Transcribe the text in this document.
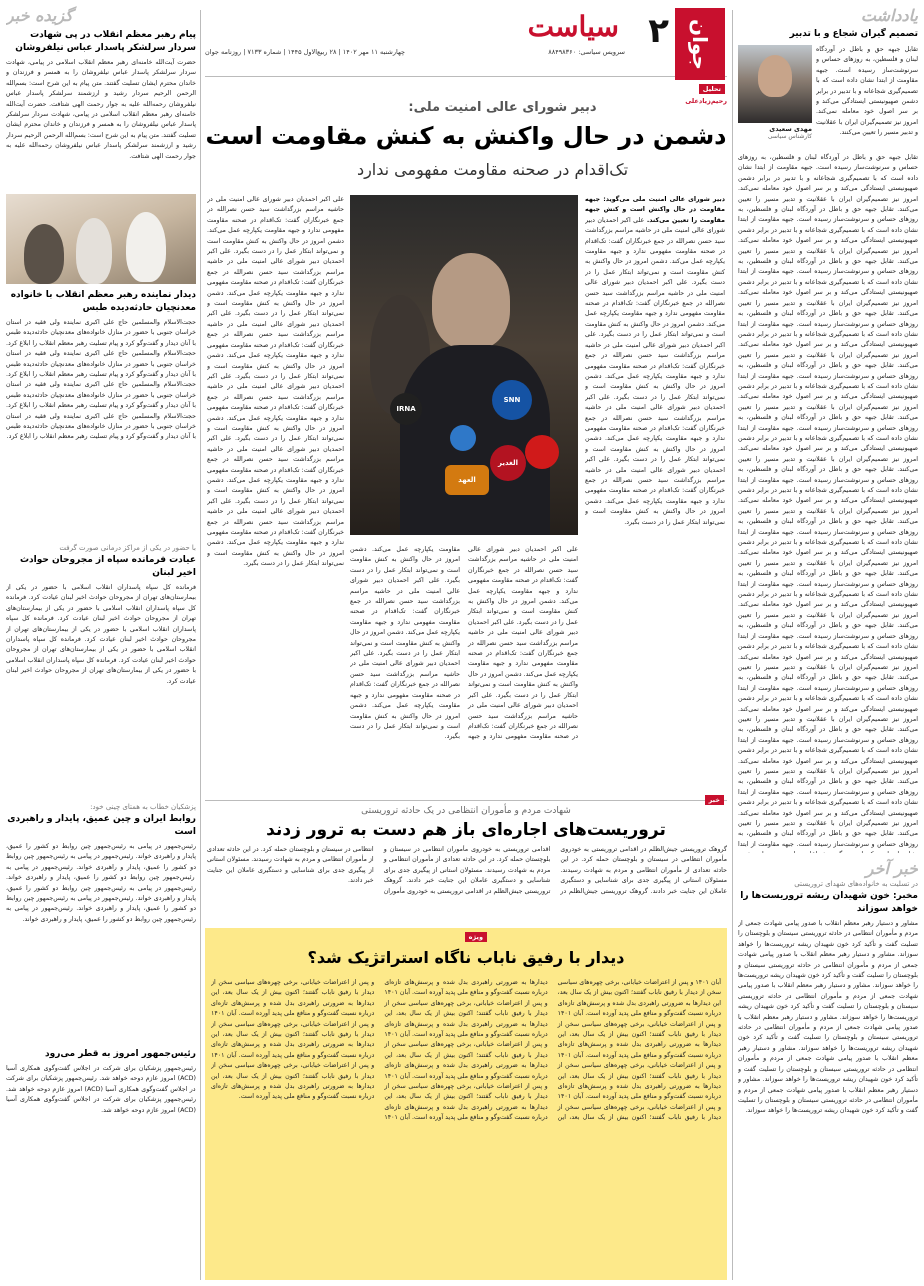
۲ جوان
سیاست
سرویس سیاسی: ۸۸۴۹۸۳۶۰
چهارشنبه ۱۱ مهر ۱۴۰۲ | ۲۸ ربیع‌الاول ۱۴۴۵ | شماره ۷۱۳۳ | روزنامه جوان
تحلیل
رحیم‌زیادعلی
دبیر شورای عالی امنیت ملی:
دشمن در حال واکنش به کنش مقاومت است
تک‌اقدام در صحنه مقاومت مفهومی ندارد
SNN
IRNA
العهد
الغدیر
دبیر شورای عالی امنیت ملی می‌گوید: جبهه مقاومت در حال واکنش است و کنش جبهه مقاومت را تعیین می‌کند. علی اکبر احمدیان دبیر شورای عالی امنیت ملی در حاشیه مراسم بزرگداشت سید حسن نصرالله در جمع خبرنگاران گفت: تک‌اقدام در صحنه مقاومت مفهومی ندارد و جبهه مقاومت یکپارچه عمل می‌کند. دشمن امروز در حال واکنش به کنش مقاومت است و نمی‌تواند ابتکار عمل را در دست بگیرد. علی اکبر احمدیان دبیر شورای عالی امنیت ملی در حاشیه مراسم بزرگداشت سید حسن نصرالله در جمع خبرنگاران گفت: تک‌اقدام در صحنه مقاومت مفهومی ندارد و جبهه مقاومت یکپارچه عمل می‌کند. دشمن امروز در حال واکنش به کنش مقاومت است و نمی‌تواند ابتکار عمل را در دست بگیرد. علی اکبر احمدیان دبیر شورای عالی امنیت ملی در حاشیه مراسم بزرگداشت سید حسن نصرالله در جمع خبرنگاران گفت: تک‌اقدام در صحنه مقاومت مفهومی ندارد و جبهه مقاومت یکپارچه عمل می‌کند. دشمن امروز در حال واکنش به کنش مقاومت است و نمی‌تواند ابتکار عمل را در دست بگیرد. علی اکبر احمدیان دبیر شورای عالی امنیت ملی در حاشیه مراسم بزرگداشت سید حسن نصرالله در جمع خبرنگاران گفت: تک‌اقدام در صحنه مقاومت مفهومی ندارد و جبهه مقاومت یکپارچه عمل می‌کند. دشمن امروز در حال واکنش به کنش مقاومت است و نمی‌تواند ابتکار عمل را در دست بگیرد. علی اکبر احمدیان دبیر شورای عالی امنیت ملی در حاشیه مراسم بزرگداشت سید حسن نصرالله در جمع خبرنگاران گفت: تک‌اقدام در صحنه مقاومت مفهومی ندارد و جبهه مقاومت یکپارچه عمل می‌کند. دشمن امروز در حال واکنش به کنش مقاومت است و نمی‌تواند ابتکار عمل را در دست بگیرد.
علی اکبر احمدیان دبیر شورای عالی امنیت ملی در حاشیه مراسم بزرگداشت سید حسن نصرالله در جمع خبرنگاران گفت: تک‌اقدام در صحنه مقاومت مفهومی ندارد و جبهه مقاومت یکپارچه عمل می‌کند. دشمن امروز در حال واکنش به کنش مقاومت است و نمی‌تواند ابتکار عمل را در دست بگیرد. علی اکبر احمدیان دبیر شورای عالی امنیت ملی در حاشیه مراسم بزرگداشت سید حسن نصرالله در جمع خبرنگاران گفت: تک‌اقدام در صحنه مقاومت مفهومی ندارد و جبهه مقاومت یکپارچه عمل می‌کند. دشمن امروز در حال واکنش به کنش مقاومت است و نمی‌تواند ابتکار عمل را در دست بگیرد. علی اکبر احمدیان دبیر شورای عالی امنیت ملی در حاشیه مراسم بزرگداشت سید حسن نصرالله در جمع خبرنگاران گفت: تک‌اقدام در صحنه مقاومت مفهومی ندارد و جبهه مقاومت یکپارچه عمل می‌کند. دشمن امروز در حال واکنش به کنش مقاومت است و نمی‌تواند ابتکار عمل را در دست بگیرد. علی اکبر احمدیان دبیر شورای عالی امنیت ملی در حاشیه مراسم بزرگداشت سید حسن نصرالله در جمع خبرنگاران گفت: تک‌اقدام در صحنه مقاومت مفهومی ندارد و جبهه مقاومت یکپارچه عمل می‌کند. دشمن امروز در حال واکنش به کنش مقاومت است و نمی‌تواند ابتکار عمل را در دست بگیرد. علی اکبر احمدیان دبیر شورای عالی امنیت ملی در حاشیه مراسم بزرگداشت سید حسن نصرالله در جمع خبرنگاران گفت: تک‌اقدام در صحنه مقاومت مفهومی ندارد و جبهه مقاومت یکپارچه عمل می‌کند. دشمن امروز در حال واکنش به کنش مقاومت است و نمی‌تواند ابتکار عمل را در دست بگیرد. علی اکبر احمدیان دبیر شورای عالی امنیت ملی در حاشیه مراسم بزرگداشت سید حسن نصرالله در جمع خبرنگاران گفت: تک‌اقدام در صحنه مقاومت مفهومی ندارد و جبهه مقاومت یکپارچه عمل می‌کند. دشمن امروز در حال واکنش به کنش مقاومت است و نمی‌تواند ابتکار عمل را در دست بگیرد.
علی اکبر احمدیان دبیر شورای عالی امنیت ملی در حاشیه مراسم بزرگداشت سید حسن نصرالله در جمع خبرنگاران گفت: تک‌اقدام در صحنه مقاومت مفهومی ندارد و جبهه مقاومت یکپارچه عمل می‌کند. دشمن امروز در حال واکنش به کنش مقاومت است و نمی‌تواند ابتکار عمل را در دست بگیرد. علی اکبر احمدیان دبیر شورای عالی امنیت ملی در حاشیه مراسم بزرگداشت سید حسن نصرالله در جمع خبرنگاران گفت: تک‌اقدام در صحنه مقاومت مفهومی ندارد و جبهه مقاومت یکپارچه عمل می‌کند. دشمن امروز در حال واکنش به کنش مقاومت است و نمی‌تواند ابتکار عمل را در دست بگیرد. علی اکبر احمدیان دبیر شورای عالی امنیت ملی در حاشیه مراسم بزرگداشت سید حسن نصرالله در جمع خبرنگاران گفت: تک‌اقدام در صحنه مقاومت مفهومی ندارد و جبهه مقاومت یکپارچه عمل می‌کند. دشمن امروز در حال واکنش به کنش مقاومت است و نمی‌تواند ابتکار عمل را در دست بگیرد. علی اکبر احمدیان دبیر شورای عالی امنیت ملی در حاشیه مراسم بزرگداشت سید حسن نصرالله در جمع خبرنگاران گفت: تک‌اقدام در صحنه مقاومت مفهومی ندارد و جبهه مقاومت یکپارچه عمل می‌کند. دشمن امروز در حال واکنش به کنش مقاومت است و نمی‌تواند ابتکار عمل را در دست بگیرد. علی اکبر احمدیان دبیر شورای عالی امنیت ملی در حاشیه مراسم بزرگداشت سید حسن نصرالله در جمع خبرنگاران گفت: تک‌اقدام در صحنه مقاومت مفهومی ندارد و جبهه مقاومت یکپارچه عمل می‌کند. دشمن امروز در حال واکنش به کنش مقاومت است و نمی‌تواند ابتکار عمل را در دست بگیرد.
خبر
شهادت مردم و مأموران انتظامی در یک حادثه تروریستی
تروریست‌های اجاره‌ای باز هم دست به ترور زدند
گروهک تروریستی جیش‌الظلم در اقدامی تروریستی به خودروی مأموران انتظامی در سیستان و بلوچستان حمله کرد. در این حادثه تعدادی از مأموران انتظامی و مردم به شهادت رسیدند. مسئولان استانی از پیگیری جدی برای شناسایی و دستگیری عاملان این جنایت خبر دادند. گروهک تروریستی جیش‌الظلم در اقدامی تروریستی به خودروی مأموران انتظامی در سیستان و بلوچستان حمله کرد. در این حادثه تعدادی از مأموران انتظامی و مردم به شهادت رسیدند. مسئولان استانی از پیگیری جدی برای شناسایی و دستگیری عاملان این جنایت خبر دادند. گروهک تروریستی جیش‌الظلم در اقدامی تروریستی به خودروی مأموران انتظامی در سیستان و بلوچستان حمله کرد. در این حادثه تعدادی از مأموران انتظامی و مردم به شهادت رسیدند. مسئولان استانی از پیگیری جدی برای شناسایی و دستگیری عاملان این جنایت خبر دادند.
ویژه
دیدار با رفیق ناباب ناگاه استراتژیک شد؟
آبان ۱۴۰۱ و پس از اعتراضات خیابانی، برخی چهره‌های سیاسی سخن از دیدار با رفیق ناباب گفتند؛ اکنون بیش از یک سال بعد، این دیدارها به ضرورتی راهبردی بدل شده و پرسش‌های تازه‌ای درباره نسبت گفت‌وگو و منافع ملی پدید آورده است. آبان ۱۴۰۱ و پس از اعتراضات خیابانی، برخی چهره‌های سیاسی سخن از دیدار با رفیق ناباب گفتند؛ اکنون بیش از یک سال بعد، این دیدارها به ضرورتی راهبردی بدل شده و پرسش‌های تازه‌ای درباره نسبت گفت‌وگو و منافع ملی پدید آورده است. آبان ۱۴۰۱ و پس از اعتراضات خیابانی، برخی چهره‌های سیاسی سخن از دیدار با رفیق ناباب گفتند؛ اکنون بیش از یک سال بعد، این دیدارها به ضرورتی راهبردی بدل شده و پرسش‌های تازه‌ای درباره نسبت گفت‌وگو و منافع ملی پدید آورده است. آبان ۱۴۰۱ و پس از اعتراضات خیابانی، برخی چهره‌های سیاسی سخن از دیدار با رفیق ناباب گفتند؛ اکنون بیش از یک سال بعد، این دیدارها به ضرورتی راهبردی بدل شده و پرسش‌های تازه‌ای درباره نسبت گفت‌وگو و منافع ملی پدید آورده است. آبان ۱۴۰۱ و پس از اعتراضات خیابانی، برخی چهره‌های سیاسی سخن از دیدار با رفیق ناباب گفتند؛ اکنون بیش از یک سال بعد، این دیدارها به ضرورتی راهبردی بدل شده و پرسش‌های تازه‌ای درباره نسبت گفت‌وگو و منافع ملی پدید آورده است. آبان ۱۴۰۱ و پس از اعتراضات خیابانی، برخی چهره‌های سیاسی سخن از دیدار با رفیق ناباب گفتند؛ اکنون بیش از یک سال بعد، این دیدارها به ضرورتی راهبردی بدل شده و پرسش‌های تازه‌ای درباره نسبت گفت‌وگو و منافع ملی پدید آورده است. آبان ۱۴۰۱ و پس از اعتراضات خیابانی، برخی چهره‌های سیاسی سخن از دیدار با رفیق ناباب گفتند؛ اکنون بیش از یک سال بعد، این دیدارها به ضرورتی راهبردی بدل شده و پرسش‌های تازه‌ای درباره نسبت گفت‌وگو و منافع ملی پدید آورده است. آبان ۱۴۰۱ و پس از اعتراضات خیابانی، برخی چهره‌های سیاسی سخن از دیدار با رفیق ناباب گفتند؛ اکنون بیش از یک سال بعد، این دیدارها به ضرورتی راهبردی بدل شده و پرسش‌های تازه‌ای درباره نسبت گفت‌وگو و منافع ملی پدید آورده است. آبان ۱۴۰۱ و پس از اعتراضات خیابانی، برخی چهره‌های سیاسی سخن از دیدار با رفیق ناباب گفتند؛ اکنون بیش از یک سال بعد، این دیدارها به ضرورتی راهبردی بدل شده و پرسش‌های تازه‌ای درباره نسبت گفت‌وگو و منافع ملی پدید آورده است. آبان ۱۴۰۱ و پس از اعتراضات خیابانی، برخی چهره‌های سیاسی سخن از دیدار با رفیق ناباب گفتند؛ اکنون بیش از یک سال بعد، این دیدارها به ضرورتی راهبردی بدل شده و پرسش‌های تازه‌ای درباره نسبت گفت‌وگو و منافع ملی پدید آورده است.
گزیده خبر
پیام رهبر معظم انقلاب در پی شهادت سردار سرلشکر پاسدار عباس نیلفروشان
حضرت آیت‌الله خامنه‌ای رهبر معظم انقلاب اسلامی در پیامی، شهادت سردار سرلشکر پاسدار عباس نیلفروشان را به همسر و فرزندان و خاندان محترم ایشان تسلیت گفتند. متن پیام به این شرح است: بسم‌الله الرحمن الرحیم سردار رشید و ارزشمند سرلشکر پاسدار عباس نیلفروشان رحمه‌الله علیه به جوار رحمت الهی شتافت. حضرت آیت‌الله خامنه‌ای رهبر معظم انقلاب اسلامی در پیامی، شهادت سردار سرلشکر پاسدار عباس نیلفروشان را به همسر و فرزندان و خاندان محترم ایشان تسلیت گفتند. متن پیام به این شرح است: بسم‌الله الرحمن الرحیم سردار رشید و ارزشمند سرلشکر پاسدار عباس نیلفروشان رحمه‌الله علیه به جوار رحمت الهی شتافت.
دیدار نماینده رهبر معظم انقلاب با خانواده معدنچیان حادثه‌دیده طبس
حجت‌الاسلام والمسلمین حاج علی اکبری نماینده ولی فقیه در استان خراسان جنوبی با حضور در منازل خانواده‌های معدنچیان حادثه‌دیده طبس با آنان دیدار و گفت‌وگو کرد و پیام تسلیت رهبر معظم انقلاب را ابلاغ کرد. حجت‌الاسلام والمسلمین حاج علی اکبری نماینده ولی فقیه در استان خراسان جنوبی با حضور در منازل خانواده‌های معدنچیان حادثه‌دیده طبس با آنان دیدار و گفت‌وگو کرد و پیام تسلیت رهبر معظم انقلاب را ابلاغ کرد. حجت‌الاسلام والمسلمین حاج علی اکبری نماینده ولی فقیه در استان خراسان جنوبی با حضور در منازل خانواده‌های معدنچیان حادثه‌دیده طبس با آنان دیدار و گفت‌وگو کرد و پیام تسلیت رهبر معظم انقلاب را ابلاغ کرد. حجت‌الاسلام والمسلمین حاج علی اکبری نماینده ولی فقیه در استان خراسان جنوبی با حضور در منازل خانواده‌های معدنچیان حادثه‌دیده طبس با آنان دیدار و گفت‌وگو کرد و پیام تسلیت رهبر معظم انقلاب را ابلاغ کرد.
با حضور در یکی از مراکز درمانی صورت گرفت
عیادت فرمانده سپاه از مجروحان حوادث اخیر لبنان
فرمانده کل سپاه پاسداران انقلاب اسلامی با حضور در یکی از بیمارستان‌های تهران از مجروحان حوادث اخیر لبنان عیادت کرد. فرمانده کل سپاه پاسداران انقلاب اسلامی با حضور در یکی از بیمارستان‌های تهران از مجروحان حوادث اخیر لبنان عیادت کرد. فرمانده کل سپاه پاسداران انقلاب اسلامی با حضور در یکی از بیمارستان‌های تهران از مجروحان حوادث اخیر لبنان عیادت کرد. فرمانده کل سپاه پاسداران انقلاب اسلامی با حضور در یکی از بیمارستان‌های تهران از مجروحان حوادث اخیر لبنان عیادت کرد. فرمانده کل سپاه پاسداران انقلاب اسلامی با حضور در یکی از بیمارستان‌های تهران از مجروحان حوادث اخیر لبنان عیادت کرد.
پزشکیان خطاب به همتای چینی خود:
روابط ایران و چین عمیق، پایدار و راهبردی است
رئیس‌جمهور در پیامی به رئیس‌جمهور چین روابط دو کشور را عمیق، پایدار و راهبردی خواند. رئیس‌جمهور در پیامی به رئیس‌جمهور چین روابط دو کشور را عمیق، پایدار و راهبردی خواند. رئیس‌جمهور در پیامی به رئیس‌جمهور چین روابط دو کشور را عمیق، پایدار و راهبردی خواند. رئیس‌جمهور در پیامی به رئیس‌جمهور چین روابط دو کشور را عمیق، پایدار و راهبردی خواند. رئیس‌جمهور در پیامی به رئیس‌جمهور چین روابط دو کشور را عمیق، پایدار و راهبردی خواند. رئیس‌جمهور در پیامی به رئیس‌جمهور چین روابط دو کشور را عمیق، پایدار و راهبردی خواند.
رئیس‌جمهور امروز به قطر می‌رود
رئیس‌جمهور پزشکیان برای شرکت در اجلاس گفت‌وگوی همکاری آسیا (ACD) امروز عازم دوحه خواهد شد. رئیس‌جمهور پزشکیان برای شرکت در اجلاس گفت‌وگوی همکاری آسیا (ACD) امروز عازم دوحه خواهد شد. رئیس‌جمهور پزشکیان برای شرکت در اجلاس گفت‌وگوی همکاری آسیا (ACD) امروز عازم دوحه خواهد شد.
یادداشت
تصمیم گیران شجاع و با تدبیر
تقابل جبهه حق و باطل در آوردگاه لبنان و فلسطین، به روزهای حساس و سرنوشت‌ساز رسیده است. جبهه مقاومت از ابتدا نشان داده است که با تصمیم‌گیری شجاعانه و با تدبیر در برابر دشمن صهیونیستی ایستادگی می‌کند و بر سر اصول خود معامله نمی‌کند. امروز نیز تصمیم‌گیران ایران با عقلانیت و تدبیر مسیر را تعیین می‌کنند.
مهدی سعیدی
کارشناس سیاسی
تقابل جبهه حق و باطل در آوردگاه لبنان و فلسطین، به روزهای حساس و سرنوشت‌ساز رسیده است. جبهه مقاومت از ابتدا نشان داده است که با تصمیم‌گیری شجاعانه و با تدبیر در برابر دشمن صهیونیستی ایستادگی می‌کند و بر سر اصول خود معامله نمی‌کند. امروز نیز تصمیم‌گیران ایران با عقلانیت و تدبیر مسیر را تعیین می‌کنند. تقابل جبهه حق و باطل در آوردگاه لبنان و فلسطین، به روزهای حساس و سرنوشت‌ساز رسیده است. جبهه مقاومت از ابتدا نشان داده است که با تصمیم‌گیری شجاعانه و با تدبیر در برابر دشمن صهیونیستی ایستادگی می‌کند و بر سر اصول خود معامله نمی‌کند. امروز نیز تصمیم‌گیران ایران با عقلانیت و تدبیر مسیر را تعیین می‌کنند. تقابل جبهه حق و باطل در آوردگاه لبنان و فلسطین، به روزهای حساس و سرنوشت‌ساز رسیده است. جبهه مقاومت از ابتدا نشان داده است که با تصمیم‌گیری شجاعانه و با تدبیر در برابر دشمن صهیونیستی ایستادگی می‌کند و بر سر اصول خود معامله نمی‌کند. امروز نیز تصمیم‌گیران ایران با عقلانیت و تدبیر مسیر را تعیین می‌کنند. تقابل جبهه حق و باطل در آوردگاه لبنان و فلسطین، به روزهای حساس و سرنوشت‌ساز رسیده است. جبهه مقاومت از ابتدا نشان داده است که با تصمیم‌گیری شجاعانه و با تدبیر در برابر دشمن صهیونیستی ایستادگی می‌کند و بر سر اصول خود معامله نمی‌کند. امروز نیز تصمیم‌گیران ایران با عقلانیت و تدبیر مسیر را تعیین می‌کنند. تقابل جبهه حق و باطل در آوردگاه لبنان و فلسطین، به روزهای حساس و سرنوشت‌ساز رسیده است. جبهه مقاومت از ابتدا نشان داده است که با تصمیم‌گیری شجاعانه و با تدبیر در برابر دشمن صهیونیستی ایستادگی می‌کند و بر سر اصول خود معامله نمی‌کند. امروز نیز تصمیم‌گیران ایران با عقلانیت و تدبیر مسیر را تعیین می‌کنند. تقابل جبهه حق و باطل در آوردگاه لبنان و فلسطین، به روزهای حساس و سرنوشت‌ساز رسیده است. جبهه مقاومت از ابتدا نشان داده است که با تصمیم‌گیری شجاعانه و با تدبیر در برابر دشمن صهیونیستی ایستادگی می‌کند و بر سر اصول خود معامله نمی‌کند. امروز نیز تصمیم‌گیران ایران با عقلانیت و تدبیر مسیر را تعیین می‌کنند. تقابل جبهه حق و باطل در آوردگاه لبنان و فلسطین، به روزهای حساس و سرنوشت‌ساز رسیده است. جبهه مقاومت از ابتدا نشان داده است که با تصمیم‌گیری شجاعانه و با تدبیر در برابر دشمن صهیونیستی ایستادگی می‌کند و بر سر اصول خود معامله نمی‌کند. امروز نیز تصمیم‌گیران ایران با عقلانیت و تدبیر مسیر را تعیین می‌کنند. تقابل جبهه حق و باطل در آوردگاه لبنان و فلسطین، به روزهای حساس و سرنوشت‌ساز رسیده است. جبهه مقاومت از ابتدا نشان داده است که با تصمیم‌گیری شجاعانه و با تدبیر در برابر دشمن صهیونیستی ایستادگی می‌کند و بر سر اصول خود معامله نمی‌کند. امروز نیز تصمیم‌گیران ایران با عقلانیت و تدبیر مسیر را تعیین می‌کنند. تقابل جبهه حق و باطل در آوردگاه لبنان و فلسطین، به روزهای حساس و سرنوشت‌ساز رسیده است. جبهه مقاومت از ابتدا نشان داده است که با تصمیم‌گیری شجاعانه و با تدبیر در برابر دشمن صهیونیستی ایستادگی می‌کند و بر سر اصول خود معامله نمی‌کند. امروز نیز تصمیم‌گیران ایران با عقلانیت و تدبیر مسیر را تعیین می‌کنند. تقابل جبهه حق و باطل در آوردگاه لبنان و فلسطین، به روزهای حساس و سرنوشت‌ساز رسیده است. جبهه مقاومت از ابتدا نشان داده است که با تصمیم‌گیری شجاعانه و با تدبیر در برابر دشمن صهیونیستی ایستادگی می‌کند و بر سر اصول خود معامله نمی‌کند. امروز نیز تصمیم‌گیران ایران با عقلانیت و تدبیر مسیر را تعیین می‌کنند. تقابل جبهه حق و باطل در آوردگاه لبنان و فلسطین، به روزهای حساس و سرنوشت‌ساز رسیده است. جبهه مقاومت از ابتدا نشان داده است که با تصمیم‌گیری شجاعانه و با تدبیر در برابر دشمن صهیونیستی ایستادگی می‌کند و بر سر اصول خود معامله نمی‌کند. امروز نیز تصمیم‌گیران ایران با عقلانیت و تدبیر مسیر را تعیین می‌کنند. تقابل جبهه حق و باطل در آوردگاه لبنان و فلسطین، به روزهای حساس و سرنوشت‌ساز رسیده است. جبهه مقاومت از ابتدا نشان داده است که با تصمیم‌گیری شجاعانه و با تدبیر در برابر دشمن صهیونیستی ایستادگی می‌کند و بر سر اصول خود معامله نمی‌کند. امروز نیز تصمیم‌گیران ایران با عقلانیت و تدبیر مسیر را تعیین می‌کنند. تقابل جبهه حق و باطل در آوردگاه لبنان و فلسطین، به روزهای حساس و سرنوشت‌ساز رسیده است. جبهه مقاومت از ابتدا نشان داده است که با تصمیم‌گیری شجاعانه و با تدبیر در برابر دشمن صهیونیستی ایستادگی می‌کند و بر سر اصول خود معامله نمی‌کند. امروز نیز تصمیم‌گیران ایران با عقلانیت و تدبیر مسیر را تعیین می‌کنند. تقابل جبهه حق و باطل در آوردگاه لبنان و فلسطین، به روزهای حساس و سرنوشت‌ساز رسیده است. جبهه مقاومت از ابتدا
خبر آخر
در تسلیت به خانواده‌های شهدای تروریستی
مخبر: خون شهیدان ریشه تروریست‌ها را خواهد سوزاند
مشاور و دستیار رهبر معظم انقلاب با صدور پیامی شهادت جمعی از مردم و مأموران انتظامی در حادثه تروریستی سیستان و بلوچستان را تسلیت گفت و تأکید کرد خون شهیدان ریشه تروریست‌ها را خواهد سوزاند. مشاور و دستیار رهبر معظم انقلاب با صدور پیامی شهادت جمعی از مردم و مأموران انتظامی در حادثه تروریستی سیستان و بلوچستان را تسلیت گفت و تأکید کرد خون شهیدان ریشه تروریست‌ها را خواهد سوزاند. مشاور و دستیار رهبر معظم انقلاب با صدور پیامی شهادت جمعی از مردم و مأموران انتظامی در حادثه تروریستی سیستان و بلوچستان را تسلیت گفت و تأکید کرد خون شهیدان ریشه تروریست‌ها را خواهد سوزاند. مشاور و دستیار رهبر معظم انقلاب با صدور پیامی شهادت جمعی از مردم و مأموران انتظامی در حادثه تروریستی سیستان و بلوچستان را تسلیت گفت و تأکید کرد خون شهیدان ریشه تروریست‌ها را خواهد سوزاند. مشاور و دستیار رهبر معظم انقلاب با صدور پیامی شهادت جمعی از مردم و مأموران انتظامی در حادثه تروریستی سیستان و بلوچستان را تسلیت گفت و تأکید کرد خون شهیدان ریشه تروریست‌ها را خواهد سوزاند. مشاور و دستیار رهبر معظم انقلاب با صدور پیامی شهادت جمعی از مردم و مأموران انتظامی در حادثه تروریستی سیستان و بلوچستان را تسلیت گفت و تأکید کرد خون شهیدان ریشه تروریست‌ها را خواهد سوزاند.
